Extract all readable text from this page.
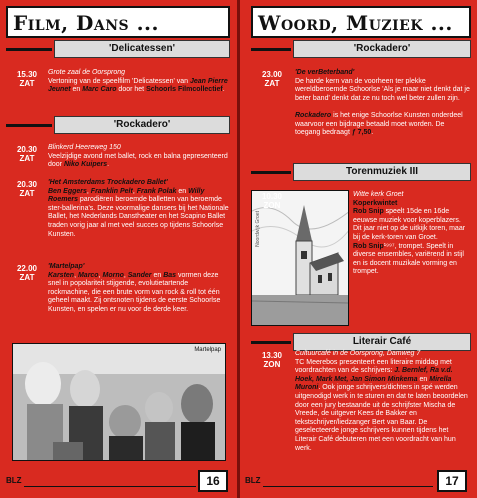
Film, Dans ...
'Delicatessen'
15.30
ZAT
Grote zaal de Oorsprong
Vertoning van de speelfilm 'Delicatessen' van Jean Pierre Jeunet en Marc Caro door het Schoorls Filmcollectief.
'Rockadero'
20.30
ZAT
Blinkerd Heereweg 150
Veelzijdige avond met ballet, rock en balna gepresenteerd door Niko Kuipers.
20.30
ZAT
'Het Amsterdams Trockadero Ballet'
Ben Eggers, Franklin Pelt, Frank Polak en Willy Roemers parodiëren beroemde balletten van beroemde ster-ballerina's. Deze voormalige dansers bij het Nationale Ballet, het Nederlands Danstheater en het Scapino Ballet traden vorig jaar al met veel succes op tijdens Schoorlse Kunsten.
22.00
ZAT
'Martelpap'
Karsten, Marco, Morno, Sander en Bas vormen deze snel in popolariteit stijgende, evolutietartende rockmachine, die een brute vorm van rock & roll tot één geheel maakt. Zij ontsnoten tijdens de eerste Schoorlse Kunsten, en spelen er nu voor de derde keer.
Martelpap
BLZ	16
Woord, Muziek ...
'Rockadero'
23.00
ZAT
'De verBeterband'
De harde kern van de voorheen ter plekke wereldberoemde Schoorlse 'Als je maar niet denkt dat je beter band' denkt dat ze nu toch wel beter zullen zijn.

Rockadero is het enige Schoorlse Kunsten onderdeel waarvoor een bijdrage betaald moet worden. De toegang bedraagt ƒ 7,50.
Torenmuziek III
Noordwijk Groet
10.30
ZON
Witte kerk Groet
Koperkwintet
Rob Snip speelt 15de en 16de eeuwse muziek voor koperblazers. Dit jaar niet op de uitkijk toren, maar bij de kerk-toren van Groet.
Rob Snip¹⁹⁹⁷, trompet. Speelt in diverse ensembles, variërend in stijl en is docent muzikale vorming en trompet.
Literair Café
13.30
ZON
Cultuurcafé in de Oorsprong, Damweg 7
TC Meerebos presenteert een literaire middag met voordrachten van de schrijvers: J. Bernlef, Ra v.d. Hoek, Mark Met, Jan Simon Minkema en Mirella Muroni. Ook jonge schrijvers/dichters in spé werden uitgenodigd werk in te sturen en dat te laten beoordelen door een jury bestaande uit de schrijfster Mischa de Vreede, de uitgever Kees de Bakker en tekstschrijver/liedzanger Bert van Baar. De geselecteerde jonge schrijvers kunnen tijdens het Literair Café debuteren met een voordracht van hun werk.
BLZ	17
